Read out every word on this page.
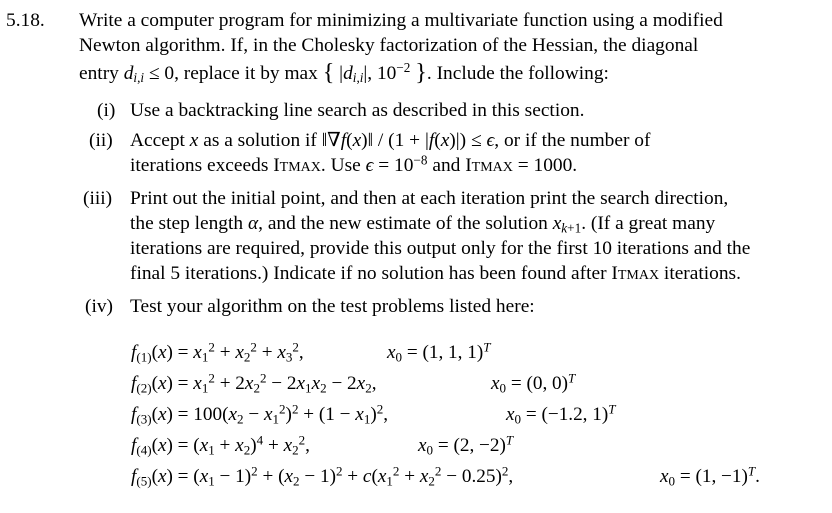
5.18. Write a computer program for minimizing a multivariate function using a modified
Newton algorithm. If, in the Cholesky factorization of the Hessian, the diagonal
entry $d_{i,i} \le 0$, replace it by max { $|d_{i,i}|$, $10^{-2}$ }. Include the following:
(i) Use a backtracking line search as described in this section.
(ii) Accept x as a solution if ‖∇f(x)‖ / (1 + |f(x)|) ≤ ϵ, or if the number of
iterations exceeds Itmax. Use $\epsilon = 10^{-8}$ and Itmax = 1000.
(iii) Print out the initial point, and then at each iteration print the search direction,
the step length α, and the new estimate of the solution $x_{k+1}$. (If a great many
iterations are required, provide this output only for the first 10 iterations and the
final 5 iterations.) Indicate if no solution has been found after Itmax iterations.
(iv) Test your algorithm on the test problems listed here:
$f_{(1)}(x) = x_1^2 + x_2^2 + x_3^2$,	$x_0 = (1$, 1, 1)$^T$
$f_{(2)}(x) = x_1^2 + 2x_2^2 - 2x_1x_2 - 2x_2$,	$x_0 = (0$, 0)$^T$
$f_{(3)}(x) = 100(x_2 - x_1^2)^2 + (1 - x_1)^2$,	$x_0 = (-1.2$, 1)$^T$
$f_{(4)}(x) = (x_1 + x_2)^4 + x_2^2$,	$x_0 = (2$, −2)$^T$
$f_{(5)}(x) = (x_1 - 1)^2 + (x_2 - 1)^2 + c(x_1^2 + x_2^2 - 0.25)^2$,	$x_0 = (1$, −1)$^T$.
